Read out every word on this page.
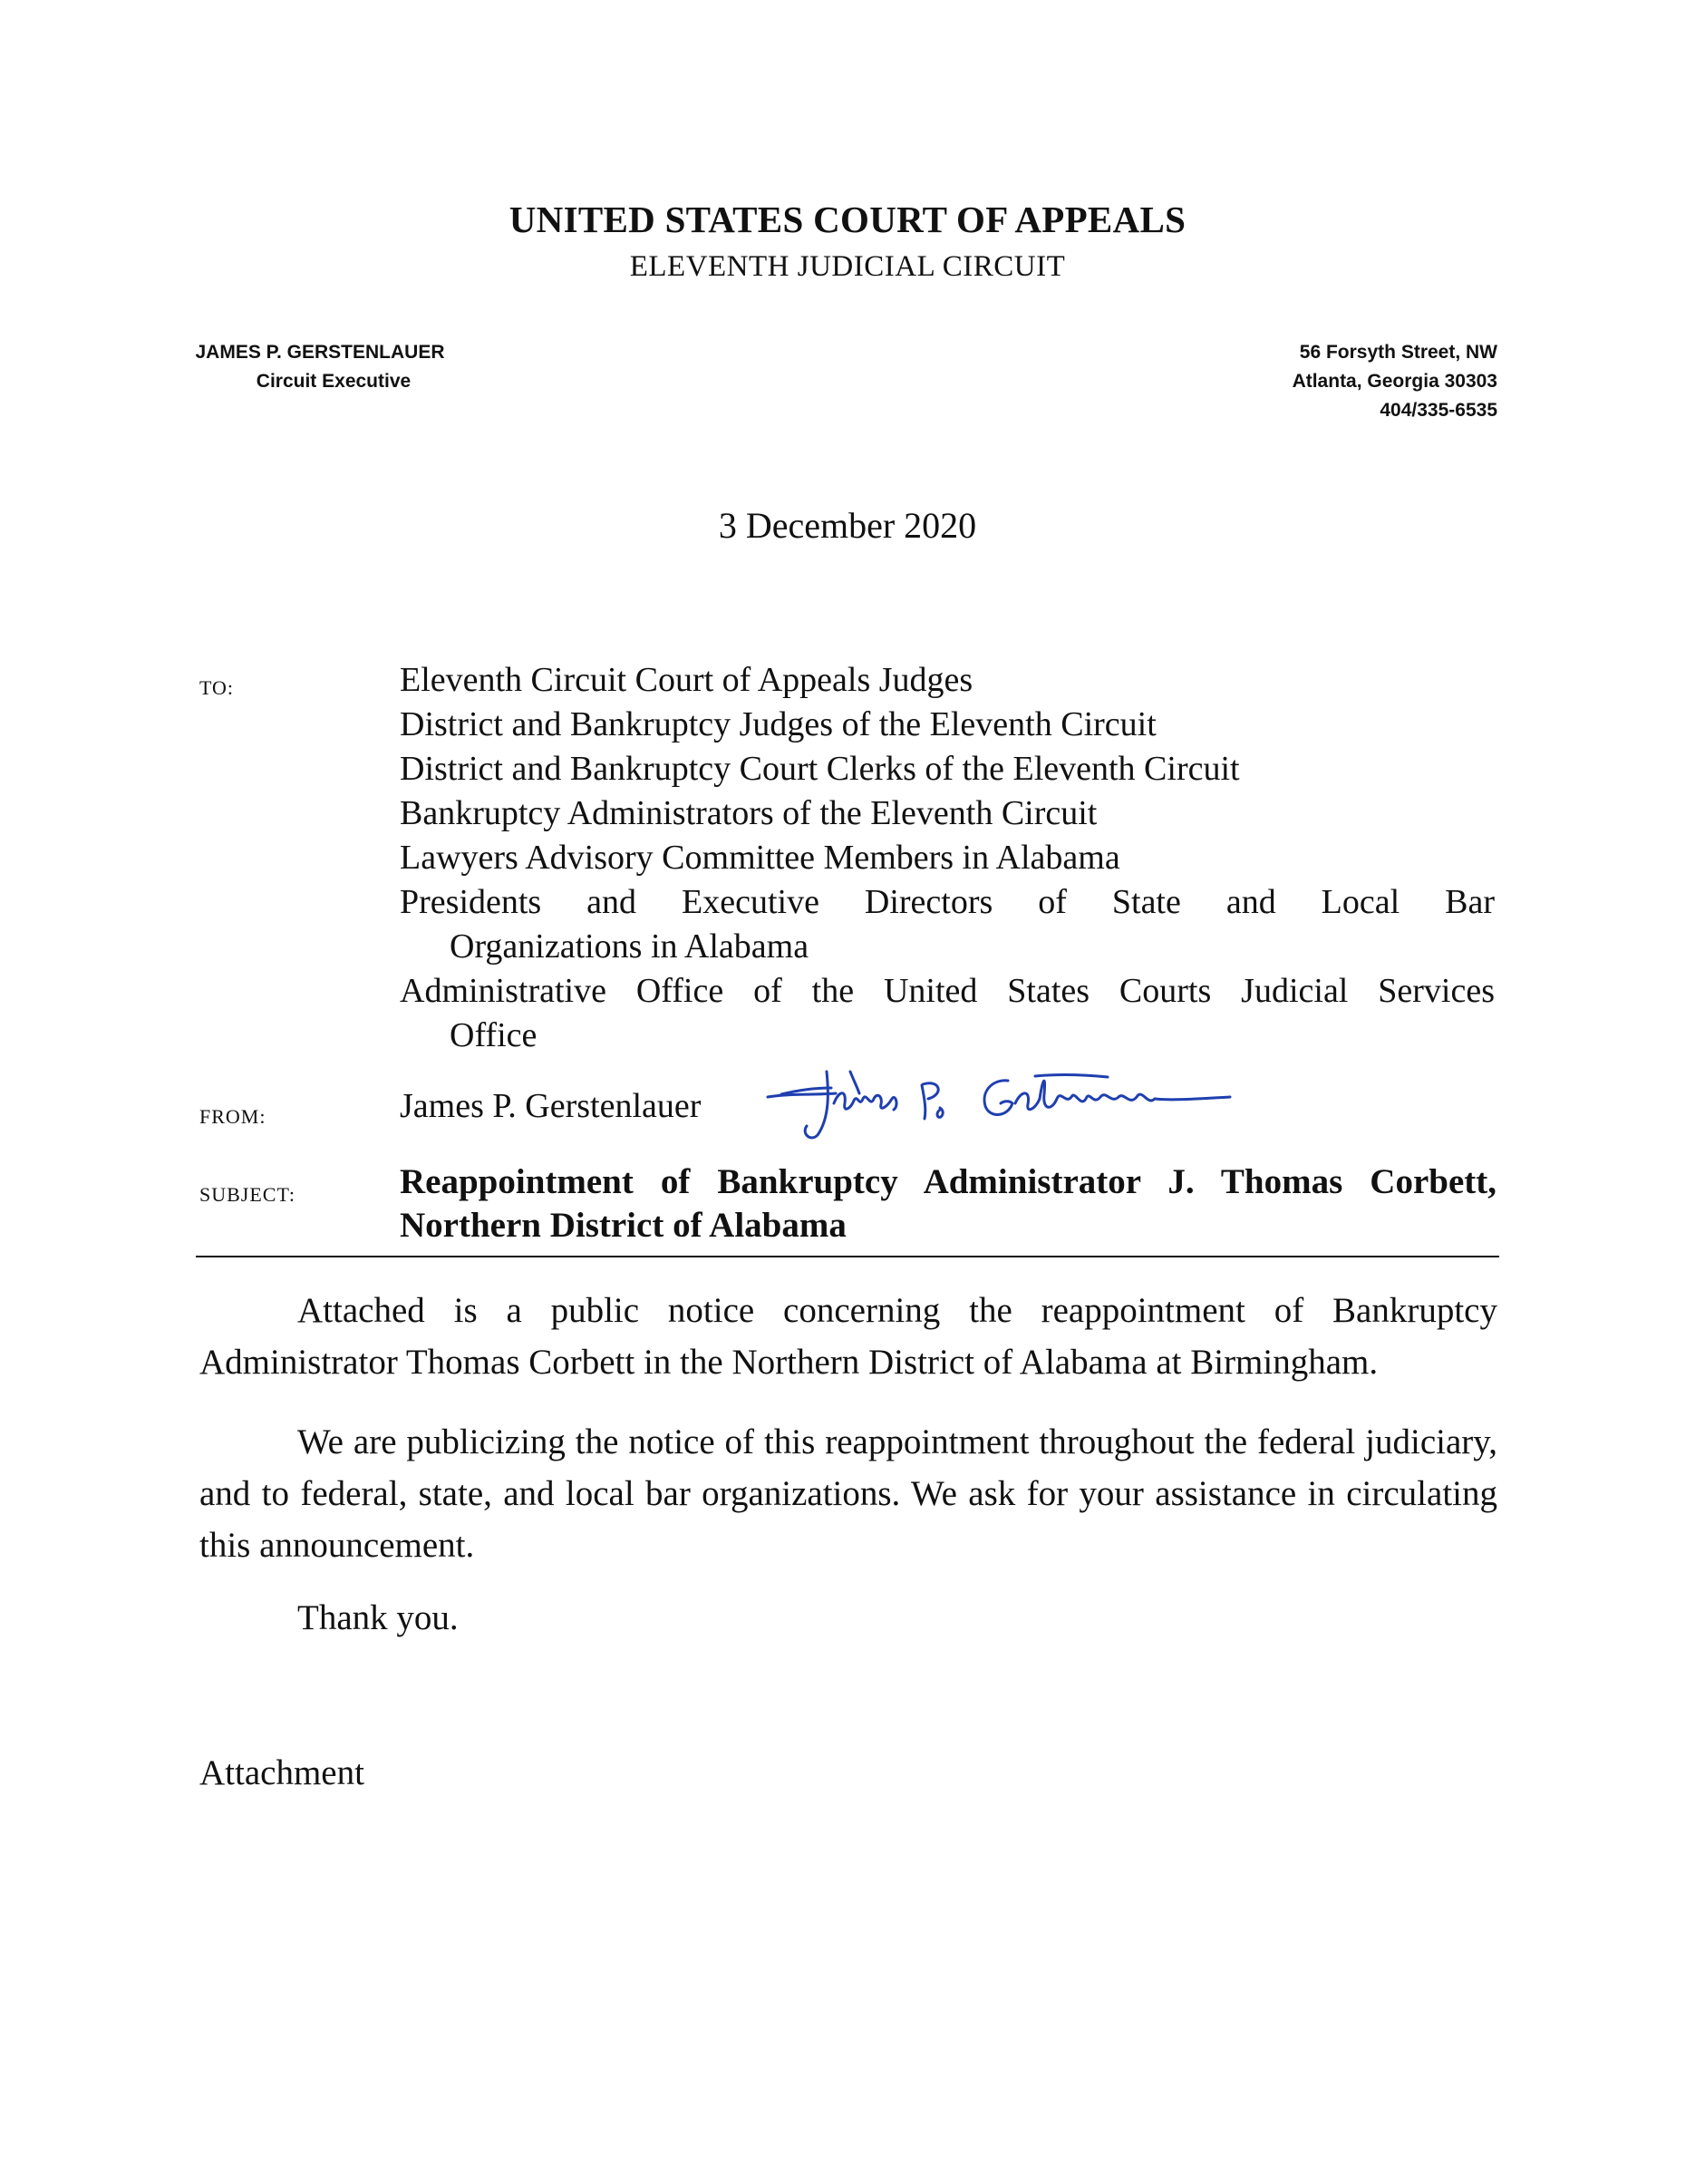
UNITED STATES COURT OF APPEALS
ELEVENTH JUDICIAL CIRCUIT
JAMES P. GERSTENLAUER
Circuit Executive
56 Forsyth Street, NW
Atlanta, Georgia 30303
404/335-6535
3 December 2020
TO:	Eleventh Circuit Court of Appeals Judges
District and Bankruptcy Judges of the Eleventh Circuit
District and Bankruptcy Court Clerks of the Eleventh Circuit
Bankruptcy Administrators of the Eleventh Circuit
Lawyers Advisory Committee Members in Alabama
Presidents and Executive Directors of State and Local Bar
Organizations in Alabama
Administrative Office of the United States Courts Judicial Services
Office
FROM:	James P. Gerstenlauer
SUBJECT:	Reappointment of Bankruptcy Administrator J. Thomas Corbett,
Northern District of Alabama
Attached is a public notice concerning the reappointment of Bankruptcy Administrator Thomas Corbett in the Northern District of Alabama at Birmingham.
We are publicizing the notice of this reappointment throughout the federal judiciary, and to federal, state, and local bar organizations. We ask for your assistance in circulating this announcement.
Thank you.
Attachment
